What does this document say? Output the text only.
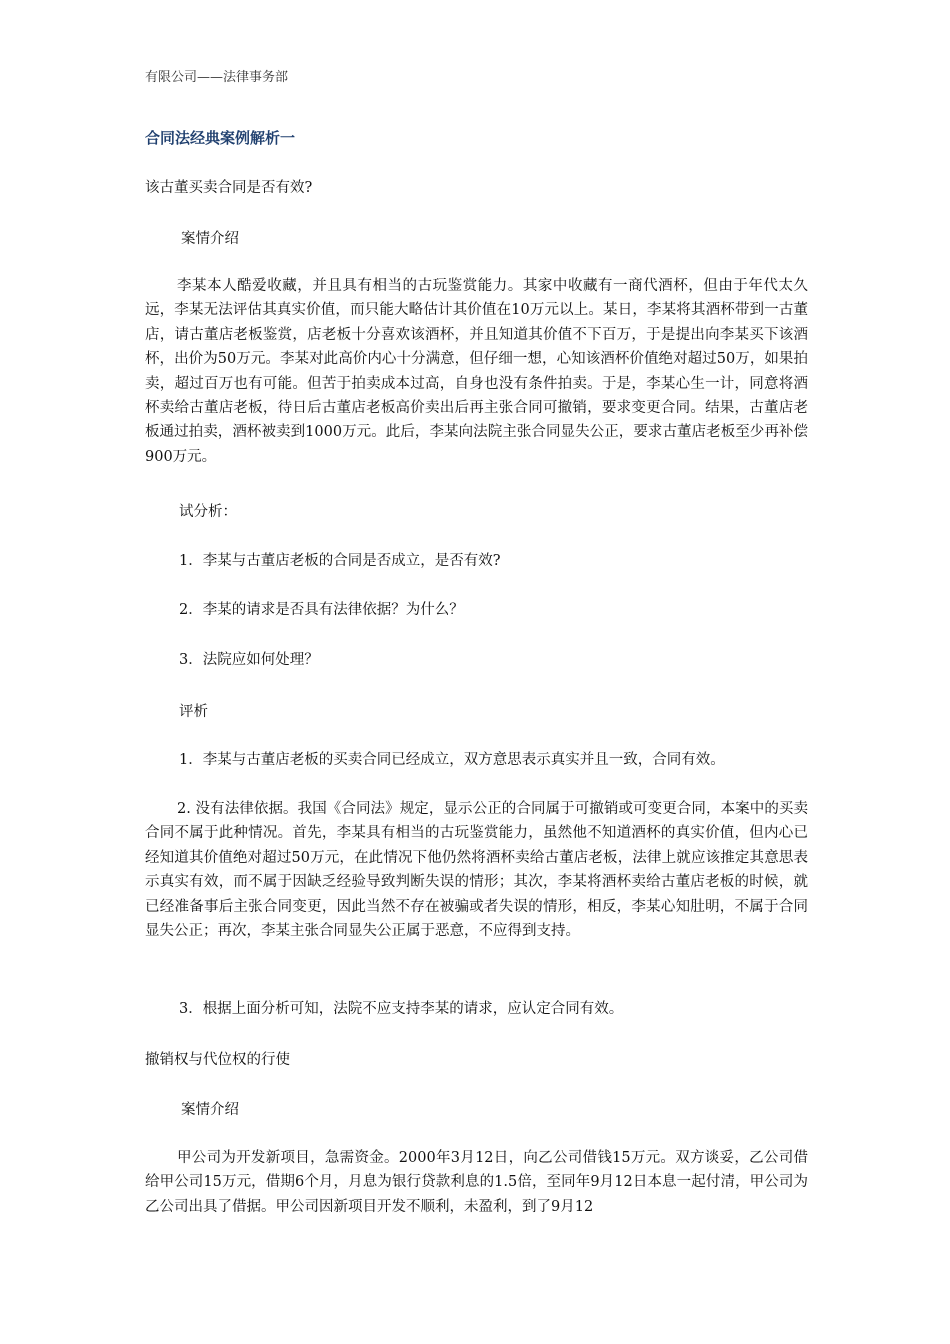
有限公司——法律事务部
合同法经典案例解析一
该古董买卖合同是否有效?
案情介绍
李某本人酷爱收藏，并且具有相当的古玩鉴赏能力。其家中收藏有一商代酒杯，但由于年代太久远，李某无法评估其真实价值，而只能大略估计其价值在10万元以上。某日，李某将其酒杯带到一古董店，请古董店老板鉴赏，店老板十分喜欢该酒杯，并且知道其价值不下百万，于是提出向李某买下该酒杯，出价为50万元。李某对此高价内心十分满意，但仔细一想，心知该酒杯价值绝对超过50万，如果拍卖，超过百万也有可能。但苦于拍卖成本过高，自身也没有条件拍卖。于是，李某心生一计，同意将酒杯卖给古董店老板，待日后古董店老板高价卖出后再主张合同可撤销，要求变更合同。结果，古董店老板通过拍卖，酒杯被卖到1000万元。此后，李某向法院主张合同显失公正，要求古董店老板至少再补偿900万元。
试分析：
1．李某与古董店老板的合同是否成立，是否有效?
2．李某的请求是否具有法律依据？为什么？
3．法院应如何处理？
评析
1．李某与古董店老板的买卖合同已经成立，双方意思表示真实并且一致，合同有效。
2. 没有法律依据。我国《合同法》规定，显示公正的合同属于可撤销或可变更合同，本案中的买卖合同不属于此种情况。首先，李某具有相当的古玩鉴赏能力，虽然他不知道酒杯的真实价值，但内心已经知道其价值绝对超过50万元，在此情况下他仍然将酒杯卖给古董店老板，法律上就应该推定其意思表示真实有效，而不属于因缺乏经验导致判断失误的情形；其次，李某将酒杯卖给古董店老板的时候，就已经准备事后主张合同变更，因此当然不存在被骗或者失误的情形，相反，李某心知肚明，不属于合同显失公正；再次，李某主张合同显失公正属于恶意，不应得到支持。
3．根据上面分析可知，法院不应支持李某的请求，应认定合同有效。
撤销权与代位权的行使
案情介绍
甲公司为开发新项目，急需资金。2000年3月12日，向乙公司借钱15万元。双方谈妥，乙公司借给甲公司15万元，借期6个月，月息为银行贷款利息的1.5倍，至同年9月12日本息一起付清，甲公司为乙公司出具了借据。甲公司因新项目开发不顺利，未盈利，到了9月12
